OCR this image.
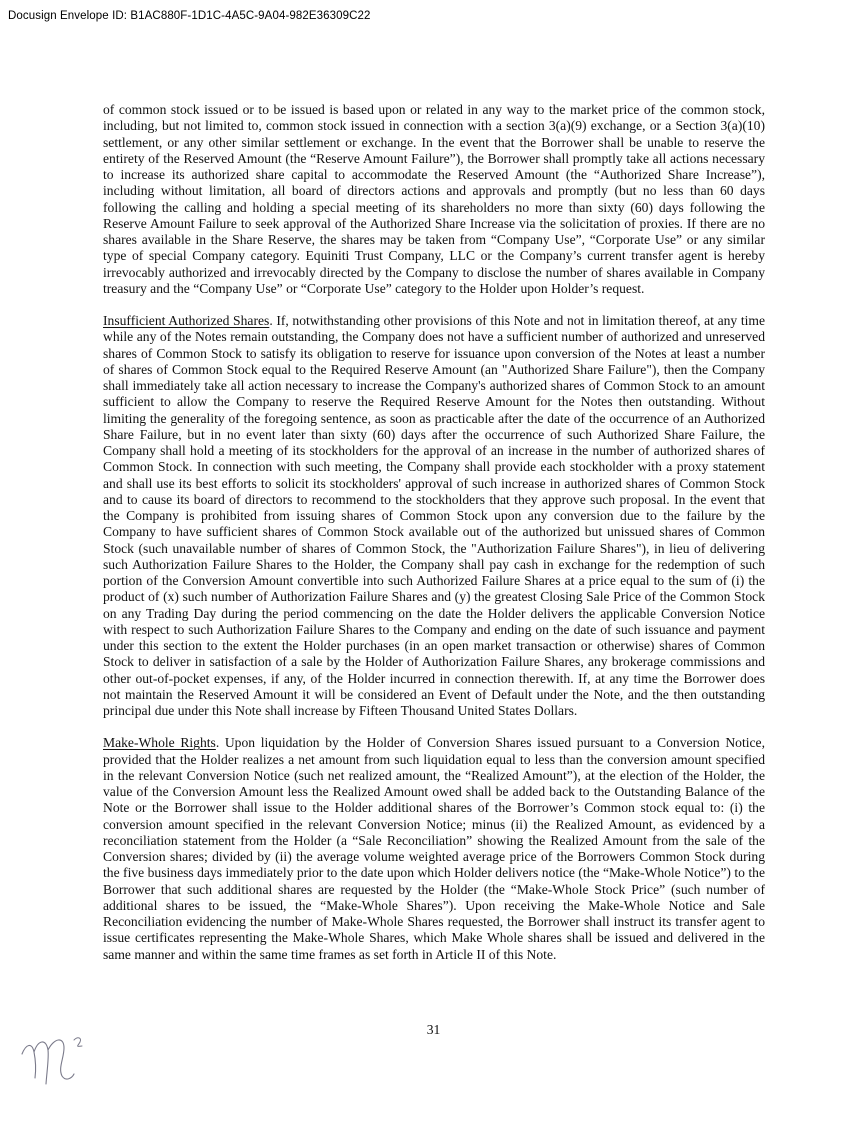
Docusign Envelope ID: B1AC880F-1D1C-4A5C-9A04-982E36309C22

of common stock issued or to be issued is based upon or related in any way to the market price of the common stock, including, but not limited to, common stock issued in connection with a section 3(a)(9) exchange, or a Section 3(a)(10) settlement, or any other similar settlement or exchange. In the event that the Borrower shall be unable to reserve the entirety of the Reserved Amount (the “Reserve Amount Failure”), the Borrower shall promptly take all actions necessary to increase its authorized share capital to accommodate the Reserved Amount (the “Authorized Share Increase”), including without limitation, all board of directors actions and approvals and promptly (but no less than 60 days following the calling and holding a special meeting of its shareholders no more than sixty (60) days following the Reserve Amount Failure to seek approval of the Authorized Share Increase via the solicitation of proxies. If there are no shares available in the Share Reserve, the shares may be taken from “Company Use”, “Corporate Use” or any similar type of special Company category. Equiniti Trust Company, LLC or the Company’s current transfer agent is hereby irrevocably authorized and irrevocably directed by the Company to disclose the number of shares available in Company treasury and the “Company Use” or “Corporate Use” category to the Holder upon Holder’s request.

Insufficient Authorized Shares. If, notwithstanding other provisions of this Note and not in limitation thereof, at any time while any of the Notes remain outstanding, the Company does not have a sufficient number of authorized and unreserved shares of Common Stock to satisfy its obligation to reserve for issuance upon conversion of the Notes at least a number of shares of Common Stock equal to the Required Reserve Amount (an "Authorized Share Failure"), then the Company shall immediately take all action necessary to increase the Company's authorized shares of Common Stock to an amount sufficient to allow the Company to reserve the Required Reserve Amount for the Notes then outstanding. Without limiting the generality of the foregoing sentence, as soon as practicable after the date of the occurrence of an Authorized Share Failure, but in no event later than sixty (60) days after the occurrence of such Authorized Share Failure, the Company shall hold a meeting of its stockholders for the approval of an increase in the number of authorized shares of Common Stock. In connection with such meeting, the Company shall provide each stockholder with a proxy statement and shall use its best efforts to solicit its stockholders' approval of such increase in authorized shares of Common Stock and to cause its board of directors to recommend to the stockholders that they approve such proposal. In the event that the Company is prohibited from issuing shares of Common Stock upon any conversion due to the failure by the Company to have sufficient shares of Common Stock available out of the authorized but unissued shares of Common Stock (such unavailable number of shares of Common Stock, the "Authorization Failure Shares"), in lieu of delivering such Authorization Failure Shares to the Holder, the Company shall pay cash in exchange for the redemption of such portion of the Conversion Amount convertible into such Authorized Failure Shares at a price equal to the sum of (i) the product of (x) such number of Authorization Failure Shares and (y) the greatest Closing Sale Price of the Common Stock on any Trading Day during the period commencing on the date the Holder delivers the applicable Conversion Notice with respect to such Authorization Failure Shares to the Company and ending on the date of such issuance and payment under this section to the extent the Holder purchases (in an open market transaction or otherwise) shares of Common Stock to deliver in satisfaction of a sale by the Holder of Authorization Failure Shares, any brokerage commissions and other out-of-pocket expenses, if any, of the Holder incurred in connection therewith. If, at any time the Borrower does not maintain the Reserved Amount it will be considered an Event of Default under the Note, and the then outstanding principal due under this Note shall increase by Fifteen Thousand United States Dollars.

Make-Whole Rights. Upon liquidation by the Holder of Conversion Shares issued pursuant to a Conversion Notice, provided that the Holder realizes a net amount from such liquidation equal to less than the conversion amount specified in the relevant Conversion Notice (such net realized amount, the “Realized Amount”), at the election of the Holder, the value of the Conversion Amount less the Realized Amount owed shall be added back to the Outstanding Balance of the Note or the Borrower shall issue to the Holder additional shares of the Borrower’s Common stock equal to: (i) the conversion amount specified in the relevant Conversion Notice; minus (ii) the Realized Amount, as evidenced by a reconciliation statement from the Holder (a “Sale Reconciliation” showing the Realized Amount from the sale of the Conversion shares; divided by (ii) the average volume weighted average price of the Borrowers Common Stock during the five business days immediately prior to the date upon which Holder delivers notice (the “Make-Whole Notice”) to the Borrower that such additional shares are requested by the Holder (the “Make-Whole Stock Price” (such number of additional shares to be issued, the “Make-Whole Shares”). Upon receiving the Make-Whole Notice and Sale Reconciliation evidencing the number of Make-Whole Shares requested, the Borrower shall instruct its transfer agent to issue certificates representing the Make-Whole Shares, which Make Whole shares shall be issued and delivered in the same manner and within the same time frames as set forth in Article II of this Note.

31
